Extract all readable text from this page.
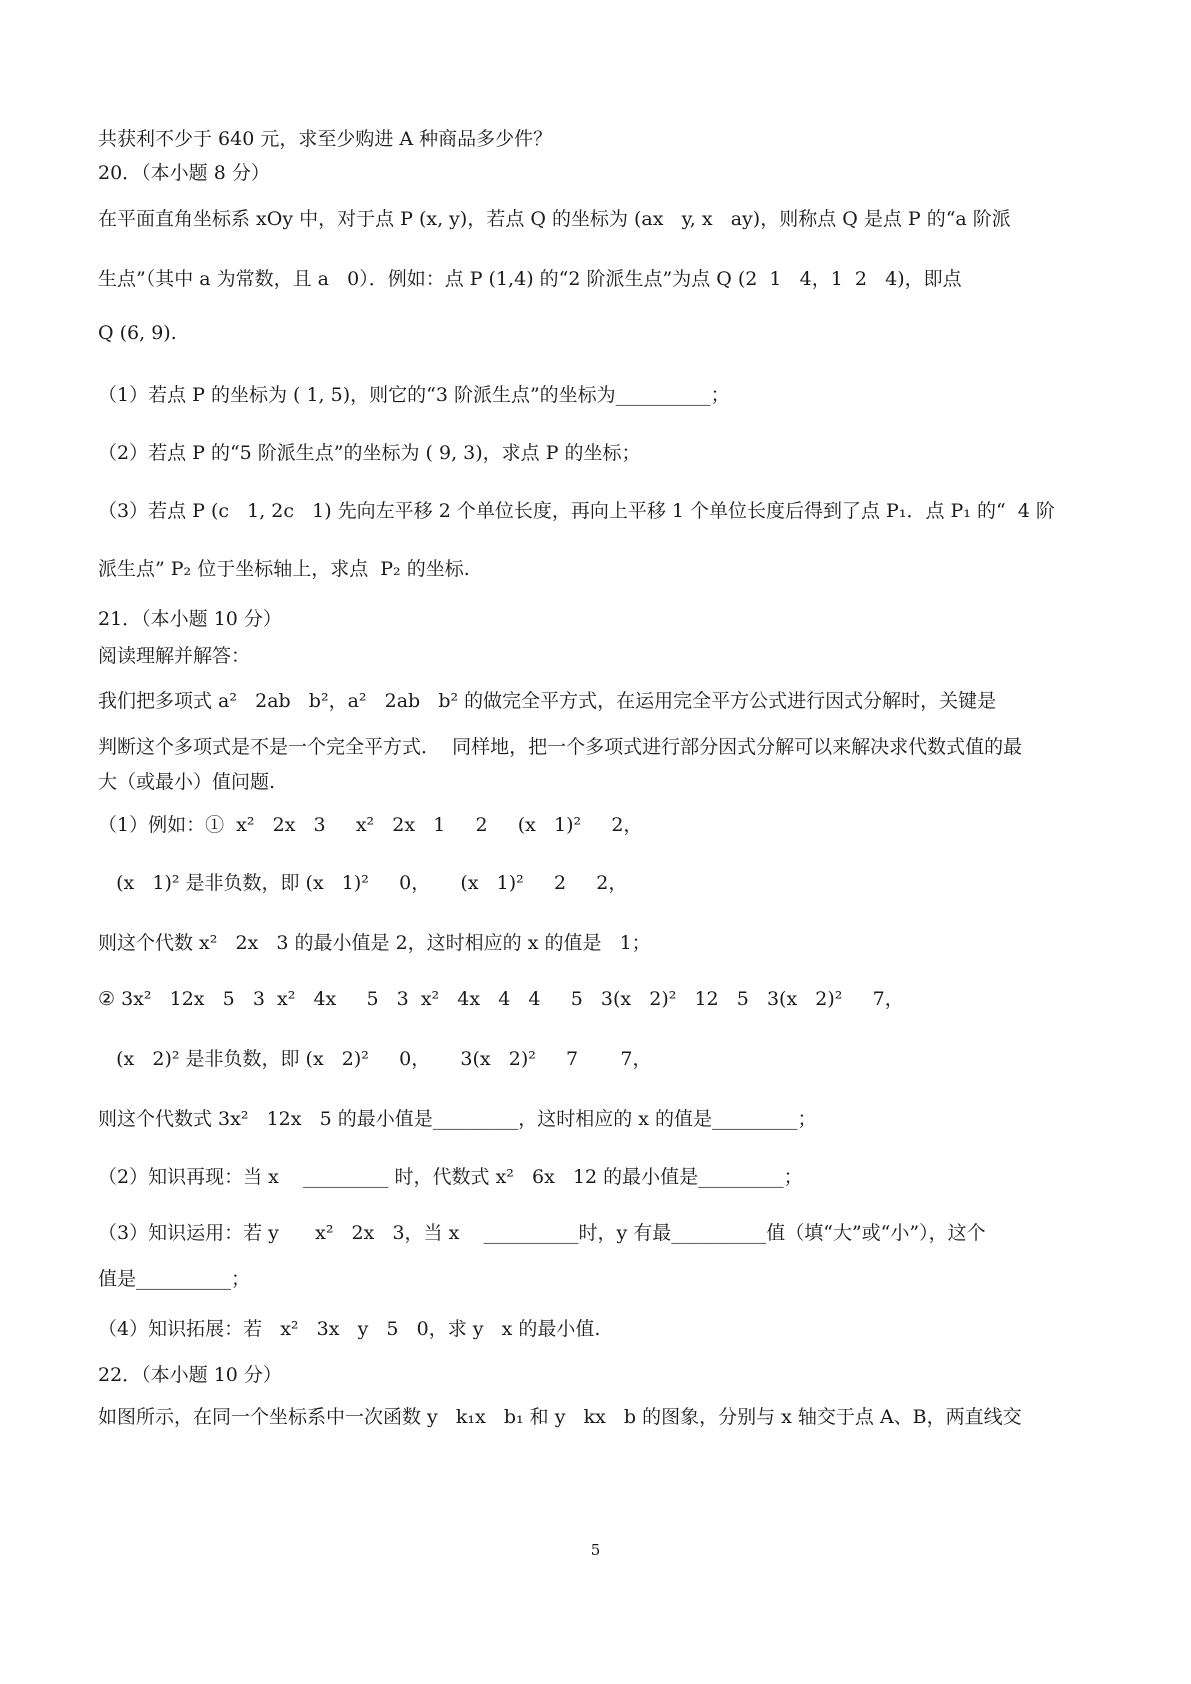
共获利不少于 640 元，求至少购进 A 种商品多少件？
20．（本小题 8 分）
在平面直角坐标系 xOy 中，对于点 P (x, y)，若点 Q 的坐标为 (ax   y, x   ay)，则称点 Q 是点 P 的“a 阶派
生点”（其中 a 为常数，且 a   0）．例如：点 P (1,4) 的“2 阶派生点”为点 Q (2  1   4，1  2   4)，即点
Q (6, 9).
（1）若点 P 的坐标为 ( 1, 5)，则它的“3 阶派生点”的坐标为__________；
（2）若点 P 的“5 阶派生点”的坐标为 ( 9, 3)，求点 P 的坐标；
（3）若点 P (c   1, 2c   1) 先向左平移 2 个单位长度，再向上平移 1 个单位长度后得到了点 P₁．点 P₁ 的“  4 阶
派生点” P₂ 位于坐标轴上，求点  P₂ 的坐标.
21．（本小题 10 分）
阅读理解并解答：
我们把多项式 a²   2ab   b²，a²   2ab   b² 的做完全平方式，在运用完全平方公式进行因式分解时，关键是
判断这个多项式是不是一个完全平方式．  同样地，把一个多项式进行部分因式分解可以来解决求代数式值的最
大（或最小）值问题.
（1）例如：①  x²   2x   3     x²   2x   1     2     (x   1)²     2，
(x   1)² 是非负数，即 (x   1)²     0，     (x   1)²     2     2，
则这个代数 x²   2x   3 的最小值是 2，这时相应的 x 的值是   1；
② 3x²   12x   5   3  x²   4x     5   3  x²   4x   4   4     5   3(x   2)²   12   5   3(x   2)²     7，
(x   2)² 是非负数，即 (x   2)²     0，     3(x   2)²     7       7，
则这个代数式 3x²   12x   5 的最小值是_________，这时相应的 x 的值是_________；
（2）知识再现：当 x    _________ 时，代数式 x²   6x   12 的最小值是_________；
（3）知识运用：若 y      x²   2x   3，当 x    __________时，y 有最__________值（填“大”或“小”），这个
值是__________；
（4）知识拓展：若   x²   3x   y   5   0，求 y   x 的最小值.
22．（本小题 10 分）
如图所示，在同一个坐标系中一次函数 y   k₁x   b₁ 和 y   kx   b 的图象，分别与 x 轴交于点 A、B，两直线交
5
